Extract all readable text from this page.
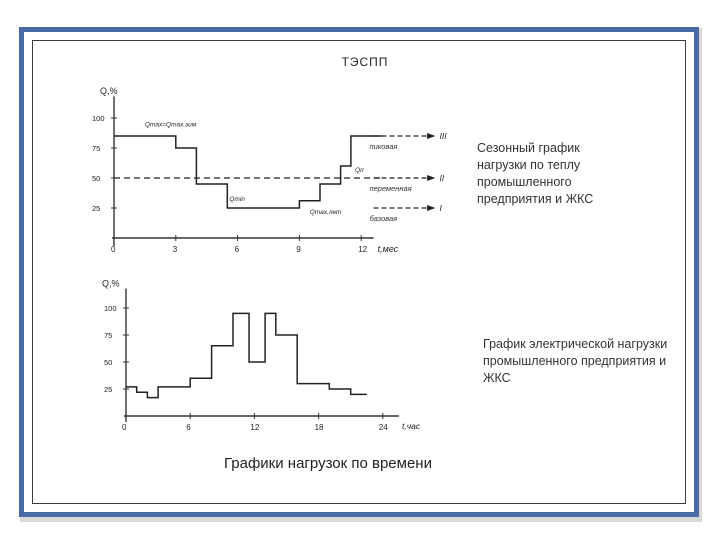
ТЭСПП
Q,%
t,мес
0	3	6	9	12
100
75
50
25
III
пиковая
II
переменная
I
базовая
Qmax=Qmax.зим
Qmin
Qmax.лет
Qп
Q,%
t,час
0	6	12	18	24
100
75
50
25
Сезонный график нагрузки по теплу промышленного предприятия и ЖКС
График электрической нагрузки промышленного предприятия и ЖКС
Графики нагрузок по времени
